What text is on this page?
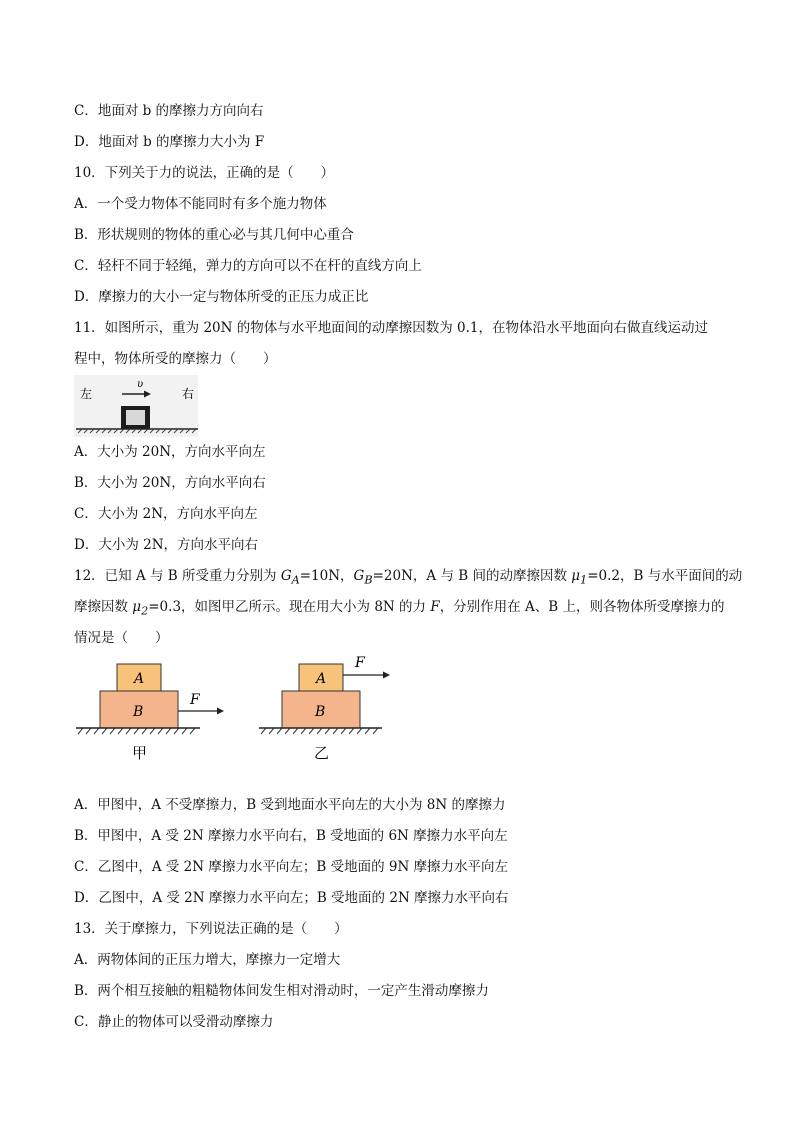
C．地面对 b 的摩擦力方向向右
D．地面对 b 的摩擦力大小为 F
10．下列关于力的说法，正确的是（　　）
A．一个受力物体不能同时有多个施力物体
B．形状规则的物体的重心必与其几何中心重合
C．轻杆不同于轻绳，弹力的方向可以不在杆的直线方向上
D．摩擦力的大小一定与物体所受的正压力成正比
11．如图所示，重为 20N 的物体与水平地面间的动摩擦因数为 0.1，在物体沿水平地面向右做直线运动过
程中，物体所受的摩擦力（　　）
左	右
υ
A．大小为 20N，方向水平向左
B．大小为 20N，方向水平向右
C．大小为 2N，方向水平向左
D．大小为 2N，方向水平向右
12．已知 A 与 B 所受重力分别为 $G_A=10N$，$G_B=20N$，A 与 B 间的动摩擦因数 $\mu_1=0.2$，B 与水平面间的动
摩擦因数 $\mu_2=0.3$，如图甲乙所示。现在用大小为 8N 的力 F，分别作用在 A、B 上，则各物体所受摩擦力的
情况是（　　）
A
B
F
甲
A
B
F
乙
A．甲图中，A 不受摩擦力，B 受到地面水平向左的大小为 8N 的摩擦力
B．甲图中，A 受 2N 摩擦力水平向右，B 受地面的 6N 摩擦力水平向左
C．乙图中，A 受 2N 摩擦力水平向左；B 受地面的 9N 摩擦力水平向左
D．乙图中，A 受 2N 摩擦力水平向左；B 受地面的 2N 摩擦力水平向右
13．关于摩擦力，下列说法正确的是（　　）
A．两物体间的正压力增大，摩擦力一定增大
B．两个相互接触的粗糙物体间发生相对滑动时，一定产生滑动摩擦力
C．静止的物体可以受滑动摩擦力
